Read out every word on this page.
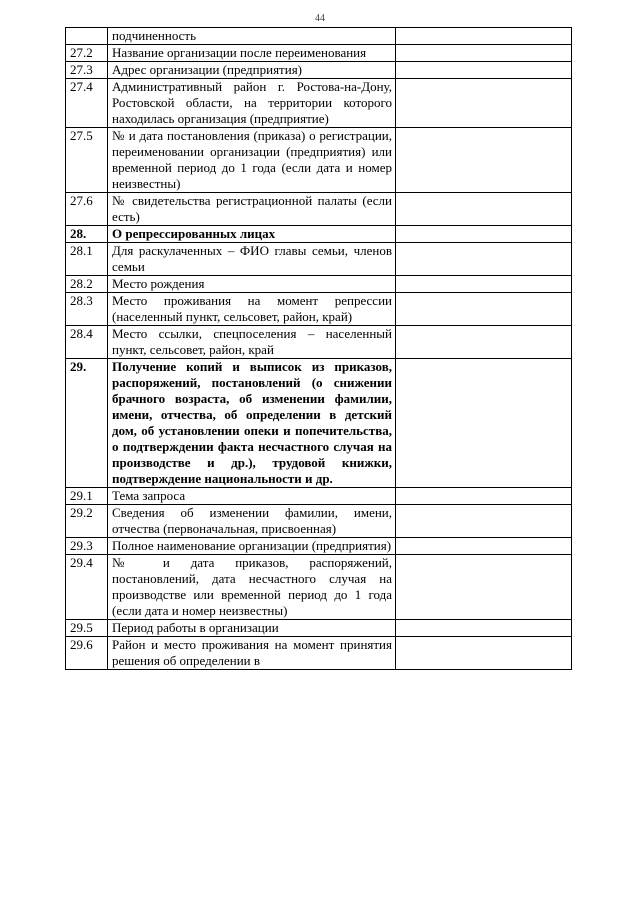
44
	подчиненность	
27.2	Название организации после переименования	
27.3	Адрес организации (предприятия)	
27.4	Административный район г. Ростова-на-Дону, Ростовской области, на территории которого находилась организация (предприятие)	
27.5	№ и дата постановления (приказа) о регистрации, переименовании организации (предприятия) или временной период до 1 года (если дата и номер неизвестны)	
27.6	№ свидетельства регистрационной палаты (если есть)	
28.	О репрессированных лицах	
28.1	Для раскулаченных – ФИО главы семьи, членов семьи	
28.2	Место рождения	
28.3	Место проживания на момент репрессии (населенный пункт, сельсовет, район, край)	
28.4	Место ссылки, спецпоселения – населенный пункт, сельсовет, район, край	
29.	Получение копий и выписок из приказов, распоряжений, постановлений (о снижении брачного возраста, об изменении фамилии, имени, отчества, об определении в детский дом, об установлении опеки и попечительства, о подтверждении факта несчастного случая на производстве и др.), трудовой книжки, подтверждение национальности и др.	
29.1	Тема запроса	
29.2	Сведения об изменении фамилии, имени, отчества (первоначальная, присвоенная)	
29.3	Полное наименование организации (предприятия)	
29.4	№ и дата приказов, распоряжений, постановлений, дата несчастного случая на производстве или временной период до 1 года (если дата и номер неизвестны)	
29.5	Период работы в организации	
29.6	Район и место проживания на момент принятия решения об определении в	
